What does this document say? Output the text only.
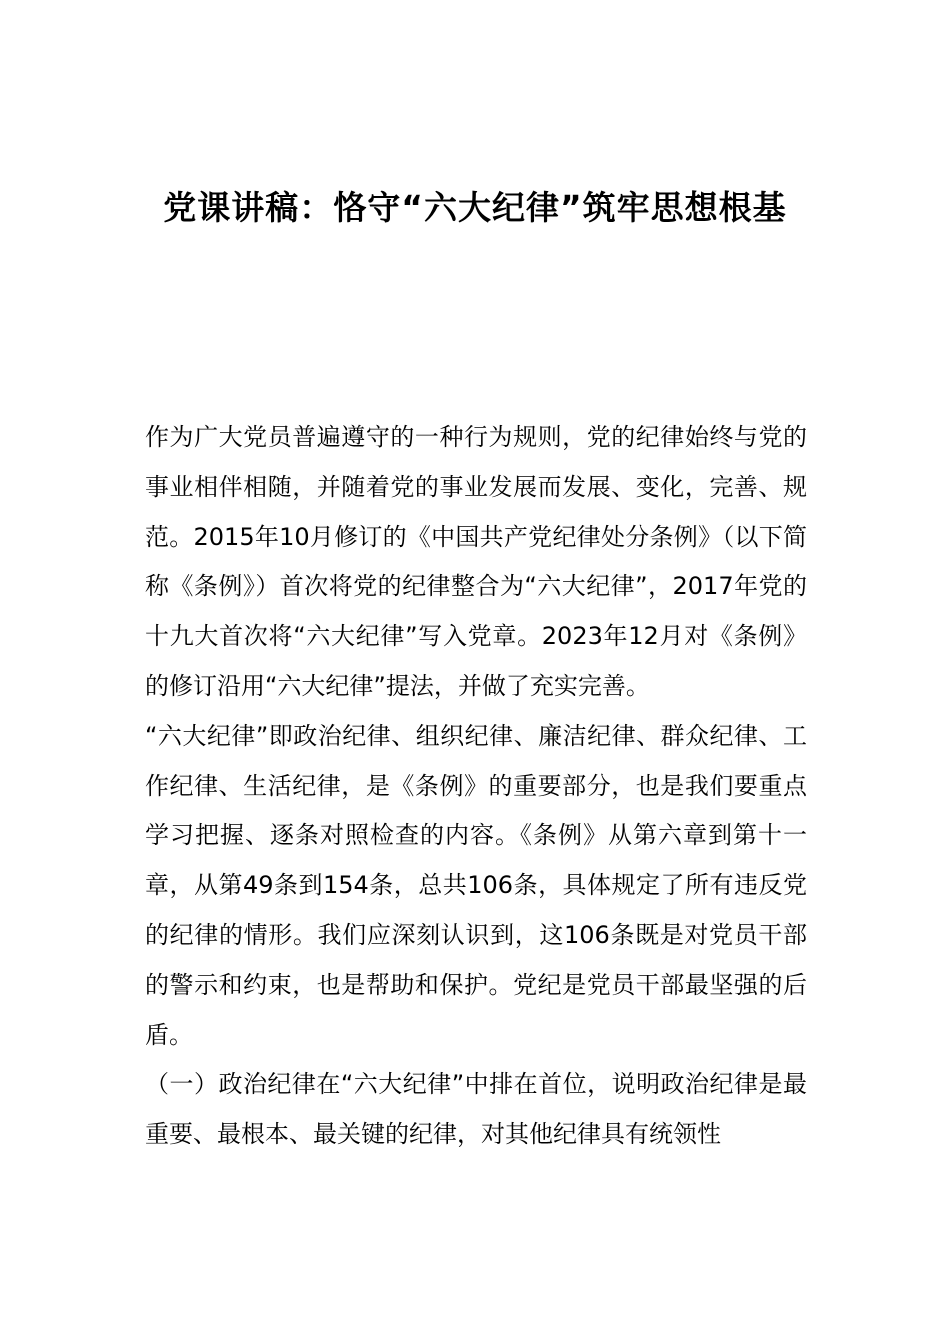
党课讲稿：恪守“六大纪律”筑牢思想根基

作为广大党员普遍遵守的一种行为规则，党的纪律始终与党的事业相伴相随，并随着党的事业发展而发展、变化，完善、规范。2015年10月修订的《中国共产党纪律处分条例》（以下简称《条例》）首次将党的纪律整合为“六大纪律”，2017年党的十九大首次将“六大纪律”写入党章。2023年12月对《条例》的修订沿用“六大纪律”提法，并做了充实完善。

“六大纪律”即政治纪律、组织纪律、廉洁纪律、群众纪律、工作纪律、生活纪律，是《条例》的重要部分，也是我们要重点学习把握、逐条对照检查的内容。《条例》从第六章到第十一章，从第49条到154条，总共106条，具体规定了所有违反党的纪律的情形。我们应深刻认识到，这106条既是对党员干部的警示和约束，也是帮助和保护。党纪是党员干部最坚强的后盾。

（一）政治纪律在“六大纪律”中排在首位，说明政治纪律是最重要、最根本、最关键的纪律，对其他纪律具有统领性
